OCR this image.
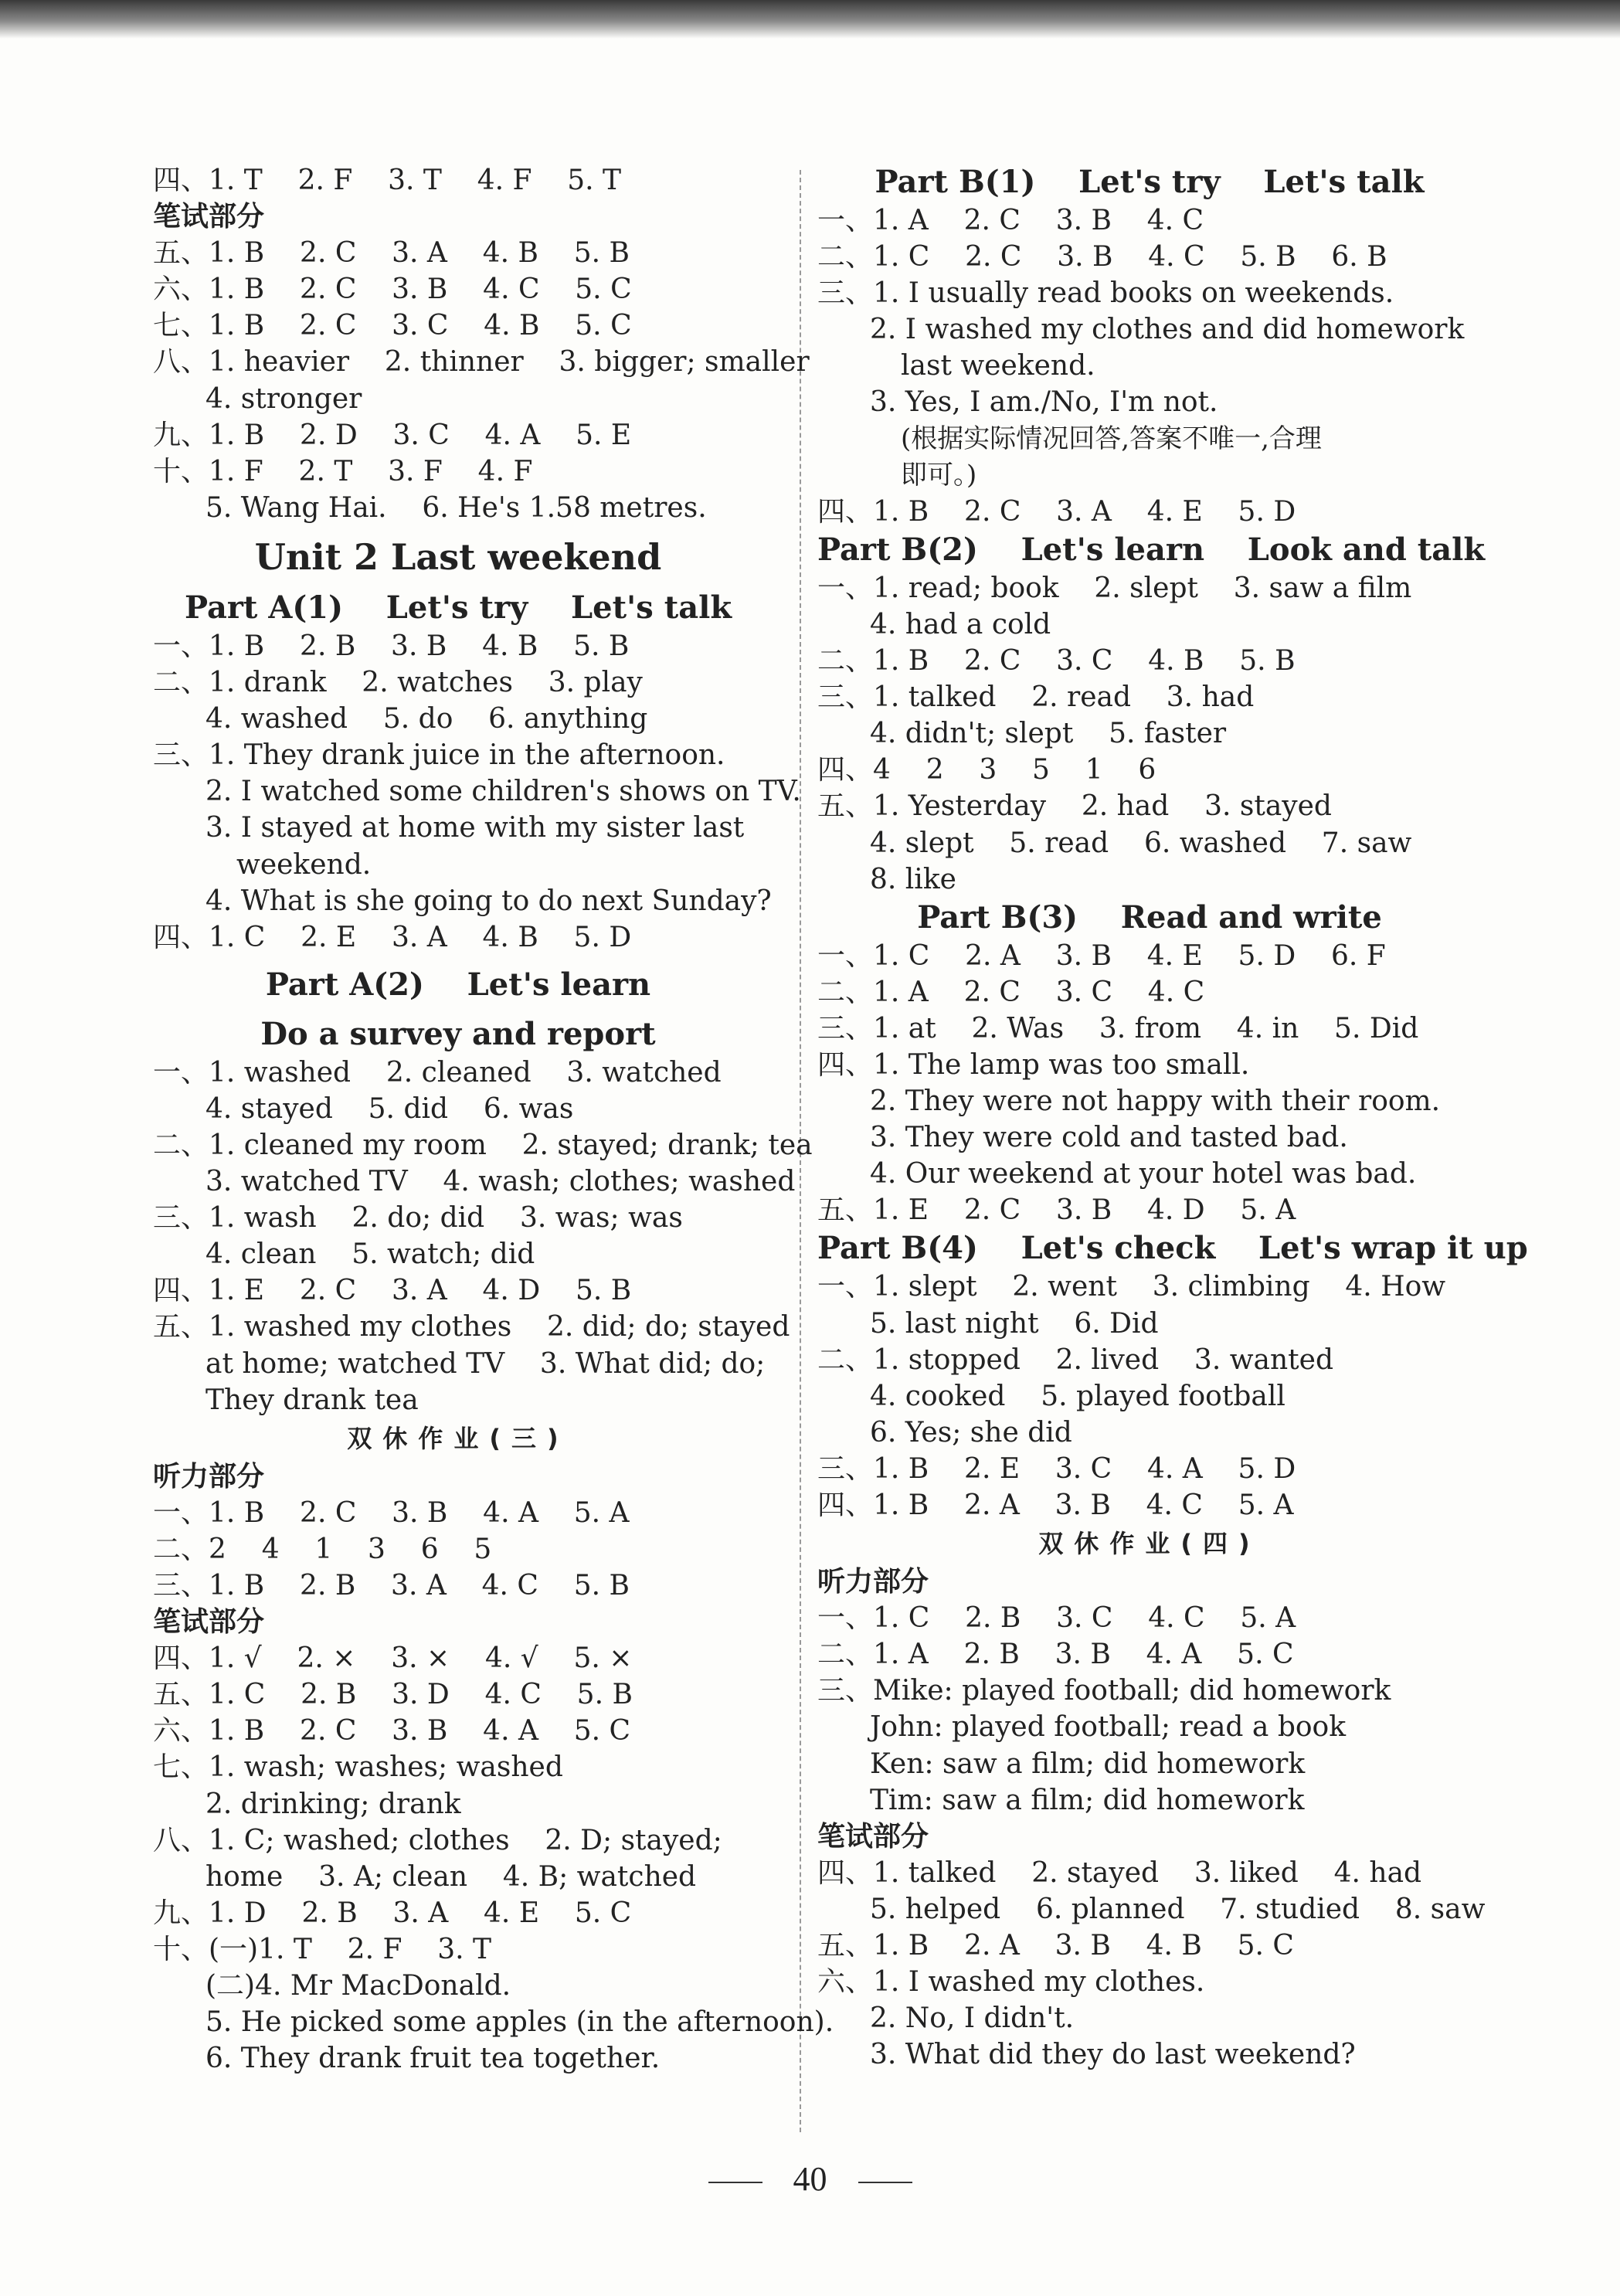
四、1. T    2. F    3. T    4. F    5. T
笔试部分
五、1. B    2. C    3. A    4. B    5. B
六、1. B    2. C    3. B    4. C    5. C
七、1. B    2. C    3. C    4. B    5. C
八、1. heavier    2. thinner    3. bigger; smaller
4. stronger
九、1. B    2. D    3. C    4. A    5. E
十、1. F    2. T    3. F    4. F
5. Wang Hai.    6. He's 1.58 metres.
Unit 2 Last weekend
Part A(1)    Let's try    Let's talk
一、1. B    2. B    3. B    4. B    5. B
二、1. drank    2. watches    3. play
4. washed    5. do    6. anything
三、1. They drank juice in the afternoon.
2. I watched some children's shows on TV.
3. I stayed at home with my sister last
weekend.
4. What is she going to do next Sunday?
四、1. C    2. E    3. A    4. B    5. D
Part A(2)    Let's learn
Do a survey and report
一、1. washed    2. cleaned    3. watched
4. stayed    5. did    6. was
二、1. cleaned my room    2. stayed; drank; tea
3. watched TV    4. wash; clothes; washed
三、1. wash    2. do; did    3. was; was
4. clean    5. watch; did
四、1. E    2. C    3. A    4. D    5. B
五、1. washed my clothes    2. did; do; stayed
at home; watched TV    3. What did; do;
They drank tea
双休作业(三)
听力部分
一、1. B    2. C    3. B    4. A    5. A
二、2    4    1    3    6    5
三、1. B    2. B    3. A    4. C    5. B
笔试部分
四、1. √    2. ×    3. ×    4. √    5. ×
五、1. C    2. B    3. D    4. C    5. B
六、1. B    2. C    3. B    4. A    5. C
七、1. wash; washes; washed
2. drinking; drank
八、1. C; washed; clothes    2. D; stayed;
home    3. A; clean    4. B; watched
九、1. D    2. B    3. A    4. E    5. C
十、(一)1. T    2. F    3. T
(二)4. Mr MacDonald.
5. He picked some apples (in the afternoon).
6. They drank fruit tea together.
Part B(1)    Let's try    Let's talk
一、1. A    2. C    3. B    4. C
二、1. C    2. C    3. B    4. C    5. B    6. B
三、1. I usually read books on weekends.
2. I washed my clothes and did homework
last weekend.
3. Yes, I am./No, I'm not.
(根据实际情况回答,答案不唯一,合理
即可。)
四、1. B    2. C    3. A    4. E    5. D
Part B(2)    Let's learn    Look and talk
一、1. read; book    2. slept    3. saw a film
4. had a cold
二、1. B    2. C    3. C    4. B    5. B
三、1. talked    2. read    3. had
4. didn't; slept    5. faster
四、4    2    3    5    1    6
五、1. Yesterday    2. had    3. stayed
4. slept    5. read    6. washed    7. saw
8. like
Part B(3)    Read and write
一、1. C    2. A    3. B    4. E    5. D    6. F
二、1. A    2. C    3. C    4. C
三、1. at    2. Was    3. from    4. in    5. Did
四、1. The lamp was too small.
2. They were not happy with their room.
3. They were cold and tasted bad.
4. Our weekend at your hotel was bad.
五、1. E    2. C    3. B    4. D    5. A
Part B(4)    Let's check    Let's wrap it up
一、1. slept    2. went    3. climbing    4. How
5. last night    6. Did
二、1. stopped    2. lived    3. wanted
4. cooked    5. played football
6. Yes; she did
三、1. B    2. E    3. C    4. A    5. D
四、1. B    2. A    3. B    4. C    5. A
双休作业(四)
听力部分
一、1. C    2. B    3. C    4. C    5. A
二、1. A    2. B    3. B    4. A    5. C
三、Mike: played football; did homework
John: played football; read a book
Ken: saw a film; did homework
Tim: saw a film; did homework
笔试部分
四、1. talked    2. stayed    3. liked    4. had
5. helped    6. planned    7. studied    8. saw
五、1. B    2. A    3. B    4. B    5. C
六、1. I washed my clothes.
2. No, I didn't.
3. What did they do last weekend?
40
